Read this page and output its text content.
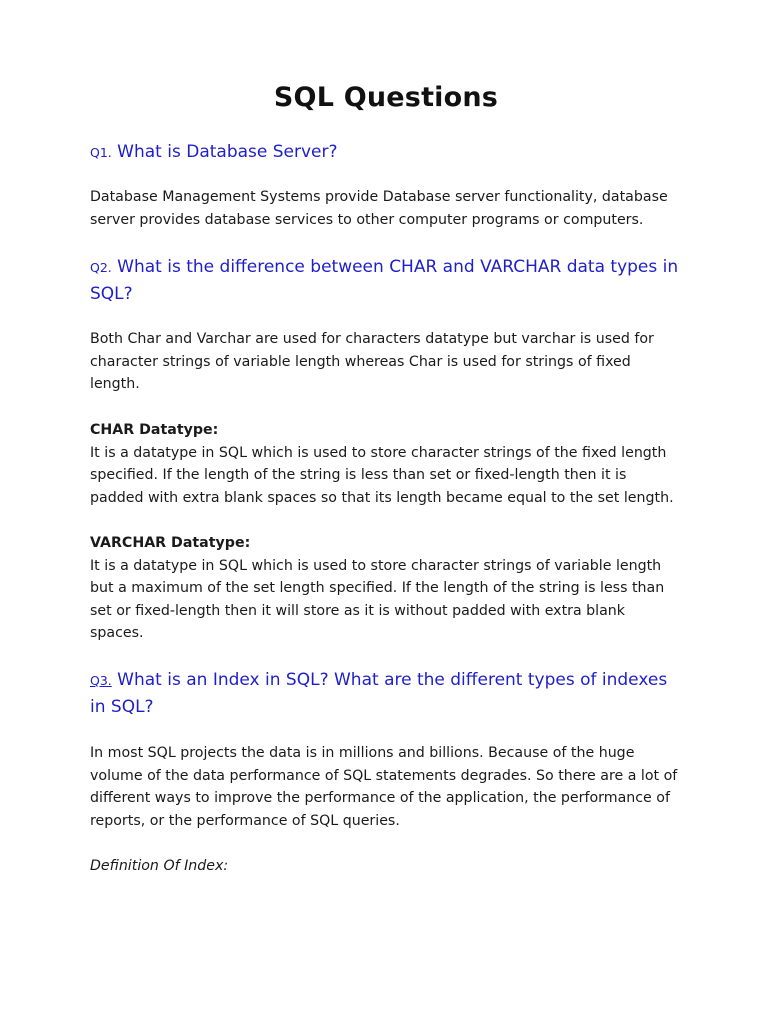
SQL Questions
Q1. What is Database Server?

Database Management Systems provide Database server functionality, database server provides database services to other computer programs or computers.

Q2. What is the difference between CHAR and VARCHAR data types in SQL?

Both Char and Varchar are used for characters datatype but varchar is used for character strings of variable length whereas Char is used for strings of fixed length.

CHAR Datatype:
It is a datatype in SQL which is used to store character strings of the fixed length specified. If the length of the string is less than set or fixed-length then it is padded with extra blank spaces so that its length became equal to the set length.
VARCHAR Datatype:
It is a datatype in SQL which is used to store character strings of variable length but a maximum of the set length specified. If the length of the string is less than set or fixed-length then it will store as it is without padded with extra blank spaces.
Q3. What is an Index in SQL? What are the different types of indexes in SQL?

In most SQL projects the data is in millions and billions. Because of the huge volume of the data performance of SQL statements degrades. So there are a lot of different ways to improve the performance of the application, the performance of reports, or the performance of SQL queries.

Definition Of Index:
